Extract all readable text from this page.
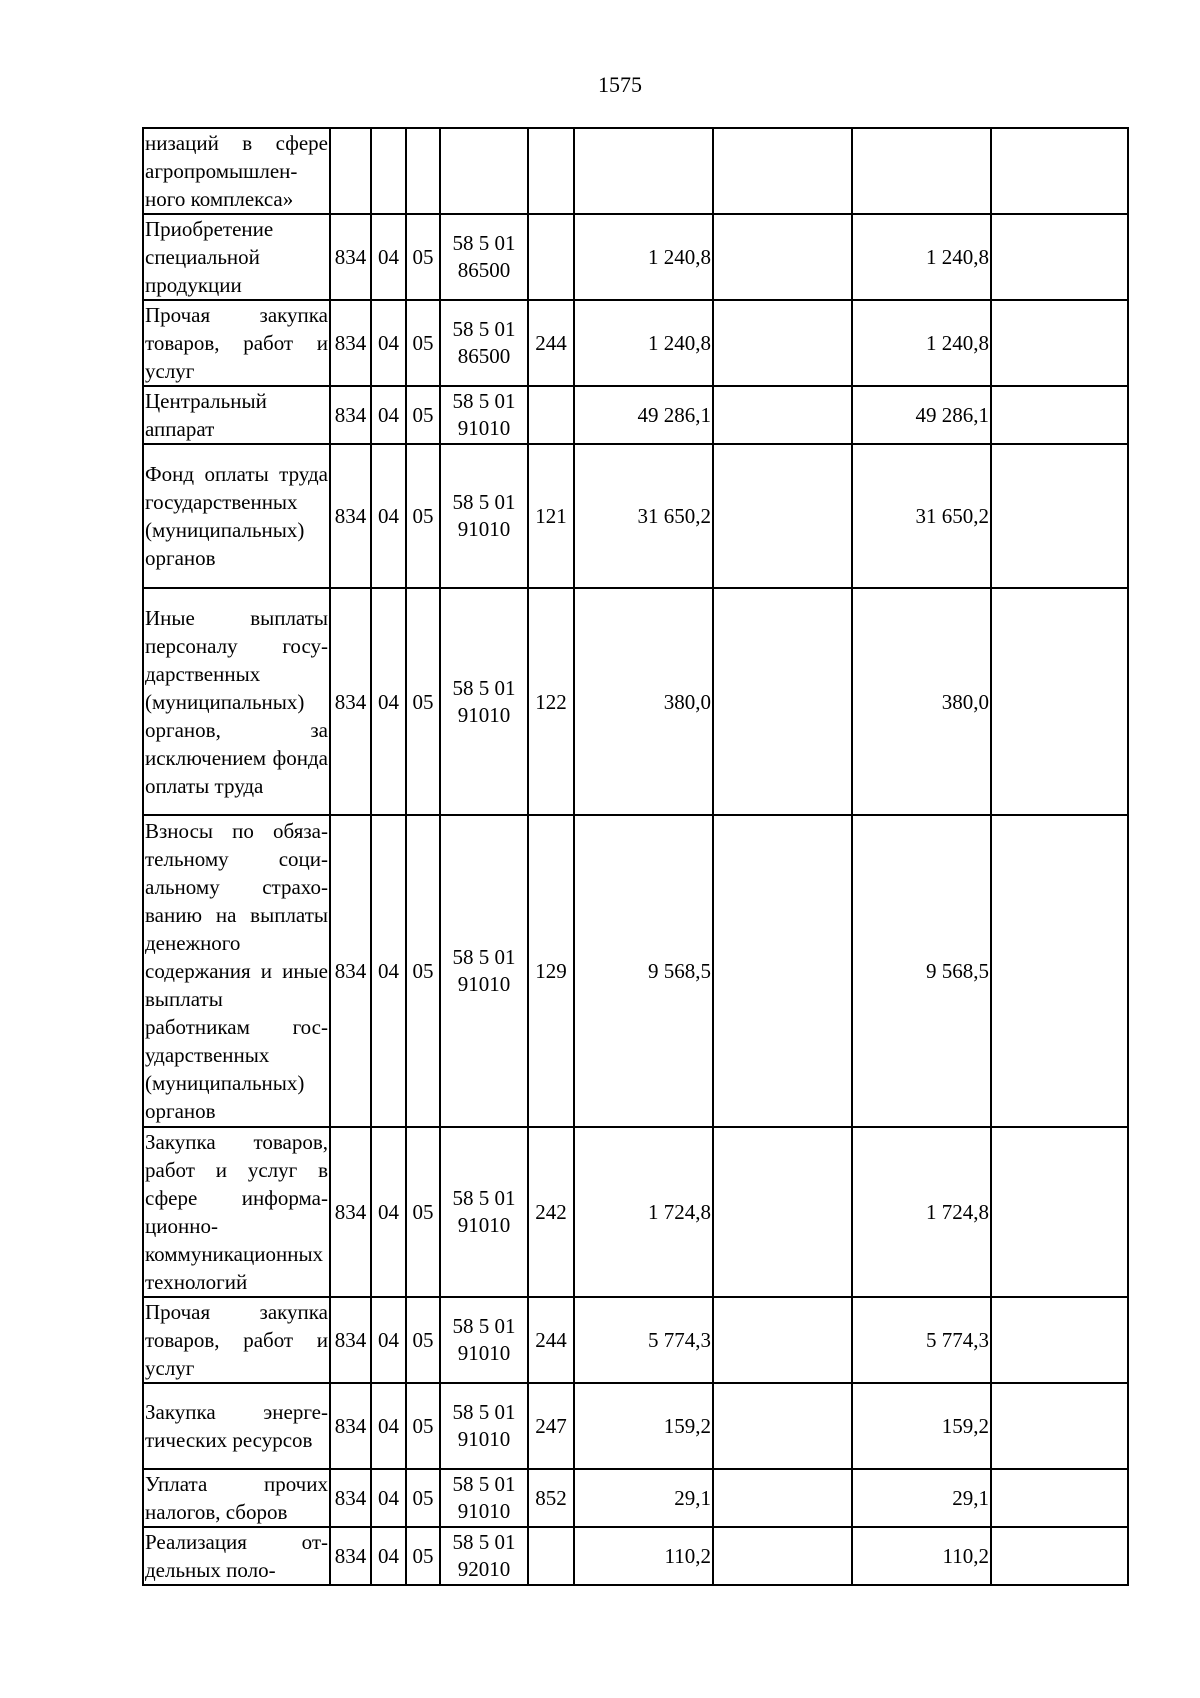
1575
низаций в сфере агропромышленного комплекса»									
Приобретение специальной продукции	834	04	05	58 5 01 86500		1 240,8		1 240,8	
Прочая закупка товаров, работ и услуг	834	04	05	58 5 01 86500	244	1 240,8		1 240,8	
Центральный аппарат	834	04	05	58 5 01 91010		49 286,1		49 286,1	
Фонд оплаты труда государственных (муниципальных) органов	834	04	05	58 5 01 91010	121	31 650,2		31 650,2	
Иные выплаты персоналу государственных (муниципальных) органов, за исключением фонда оплаты труда	834	04	05	58 5 01 91010	122	380,0		380,0	
Взносы по обязательному социальному страхованию на выплаты денежного содержания и иные выплаты работникам государственных (муниципальных) органов	834	04	05	58 5 01 91010	129	9 568,5		9 568,5	
Закупка товаров, работ и услуг в сфере информационно-коммуникационных технологий	834	04	05	58 5 01 91010	242	1 724,8		1 724,8	
Прочая закупка товаров, работ и услуг	834	04	05	58 5 01 91010	244	5 774,3		5 774,3	
Закупка энергетических ресурсов	834	04	05	58 5 01 91010	247	159,2		159,2	
Уплата прочих налогов, сборов	834	04	05	58 5 01 91010	852	29,1		29,1	
Реализация отдельных поло-	834	04	05	58 5 01 92010		110,2		110,2	
